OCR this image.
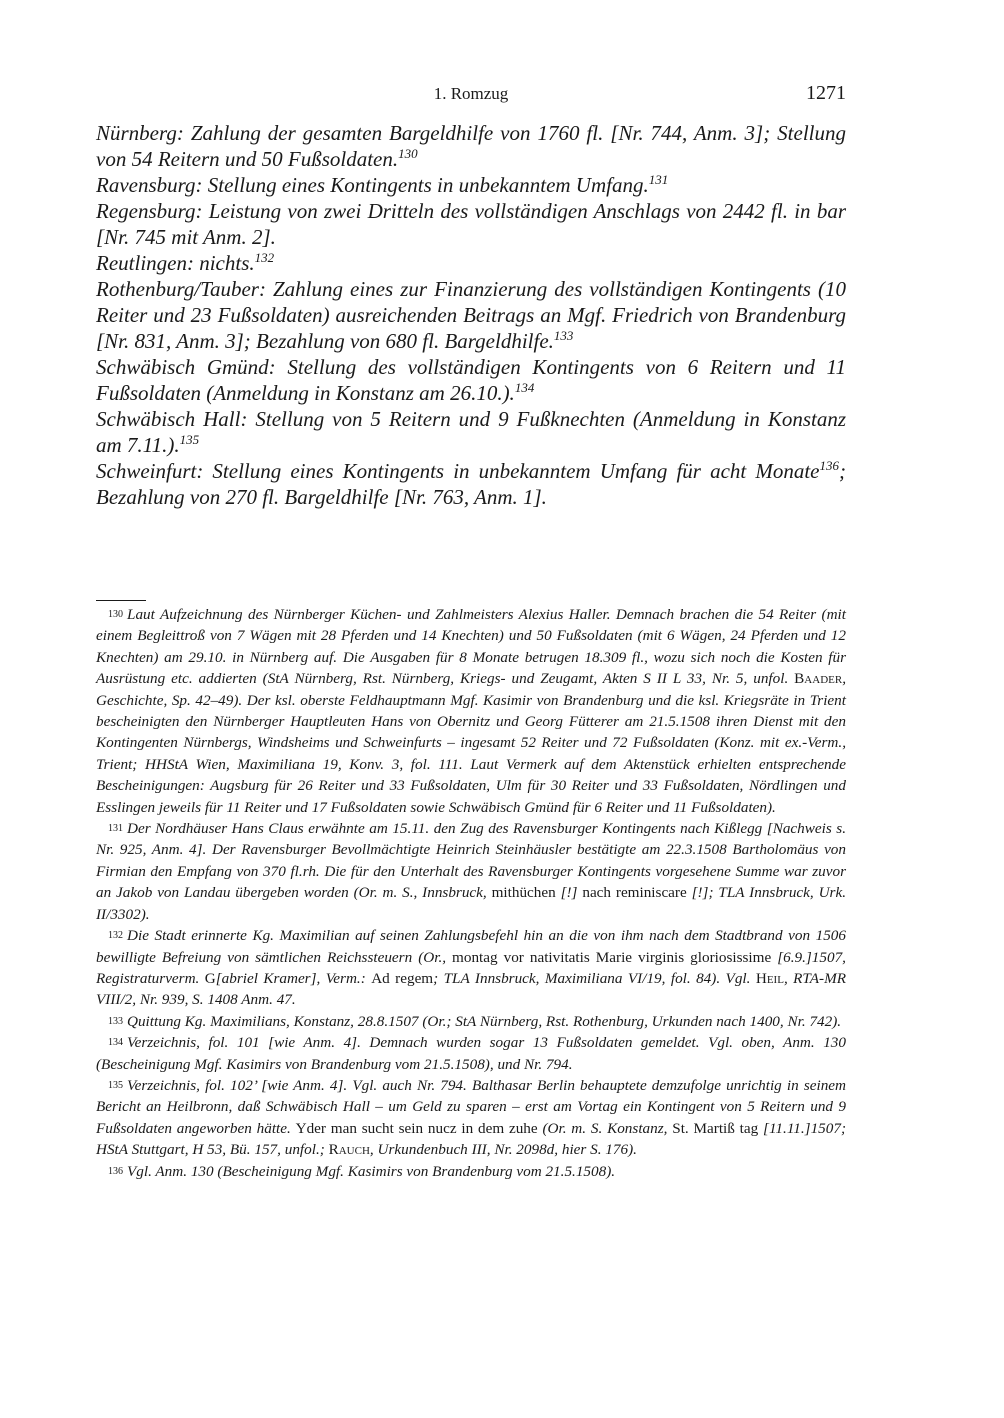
1. Romzug	1271

Nürnberg: Zahlung der gesamten Bargeldhilfe von 1760 fl. [Nr. 744, Anm. 3]; Stellung von 54 Reitern und 50 Fußsoldaten.$^{130}$

Ravensburg: Stellung eines Kontingents in unbekanntem Umfang.$^{131}$

Regensburg: Leistung von zwei Dritteln des vollständigen Anschlags von 2442 fl. in bar [Nr. 745 mit Anm. 2].

Reutlingen: nichts.$^{132}$

Rothenburg/Tauber: Zahlung eines zur Finanzierung des vollständigen Kontingents (10 Reiter und 23 Fußsoldaten) ausreichenden Beitrags an Mgf. Friedrich von Brandenburg [Nr. 831, Anm. 3]; Bezahlung von 680 fl. Bargeldhilfe.$^{133}$

Schwäbisch Gmünd: Stellung des vollständigen Kontingents von 6 Reitern und 11 Fußsoldaten (Anmeldung in Konstanz am 26.10.).$^{134}$

Schwäbisch Hall: Stellung von 5 Reitern und 9 Fußknechten (Anmeldung in Konstanz am 7.11.).$^{135}$

Schweinfurt: Stellung eines Kontingents in unbekanntem Umfang für acht Monate$^{136}$; Bezahlung von 270 fl. Bargeldhilfe [Nr. 763, Anm. 1].

130 Laut Aufzeichnung des Nürnberger Küchen- und Zahlmeisters Alexius Haller. Demnach brachen die 54 Reiter (mit einem Begleittroß von 7 Wägen mit 28 Pferden und 14 Knechten) und 50 Fußsoldaten (mit 6 Wägen, 24 Pferden und 12 Knechten) am 29.10. in Nürnberg auf. Die Ausgaben für 8 Monate betrugen 18.309 fl., wozu sich noch die Kosten für Ausrüstung etc. addierten (StA Nürnberg, Rst. Nürnberg, Kriegs- und Zeugamt, Akten S II L 33, Nr. 5, unfol. Baader, Geschichte, Sp. 42–49). Der ksl. oberste Feldhauptmann Mgf. Kasimir von Brandenburg und die ksl. Kriegsräte in Trient bescheinigten den Nürnberger Hauptleuten Hans von Obernitz und Georg Fütterer am 21.5.1508 ihren Dienst mit den Kontingenten Nürnbergs, Windsheims und Schweinfurts – ingesamt 52 Reiter und 72 Fußsoldaten (Konz. mit ex.-Verm., Trient; HHStA Wien, Maximiliana 19, Konv. 3, fol. 111. Laut Vermerk auf dem Aktenstück erhielten entsprechende Bescheinigungen: Augsburg für 26 Reiter und 33 Fußsoldaten, Ulm für 30 Reiter und 33 Fußsoldaten, Nördlingen und Esslingen jeweils für 11 Reiter und 17 Fußsoldaten sowie Schwäbisch Gmünd für 6 Reiter und 11 Fußsoldaten).

131 Der Nordhäuser Hans Claus erwähnte am 15.11. den Zug des Ravensburger Kontingents nach Kißlegg [Nachweis s. Nr. 925, Anm. 4]. Der Ravensburger Bevollmächtigte Heinrich Steinhäusler bestätigte am 22.3.1508 Bartholomäus von Firmian den Empfang von 370 fl.rh. Die für den Unterhalt des Ravensburger Kontingents vorgesehene Summe war zuvor an Jakob von Landau übergeben worden (Or. m. S., Innsbruck, mithüchen [!] nach reminiscare [!]; TLA Innsbruck, Urk. II/3302).

132 Die Stadt erinnerte Kg. Maximilian auf seinen Zahlungsbefehl hin an die von ihm nach dem Stadtbrand von 1506 bewilligte Befreiung von sämtlichen Reichssteuern (Or., montag vor nativitatis Marie virginis gloriosissime [6.9.]1507, Registraturverm. G[abriel Kramer], Verm.: Ad regem; TLA Innsbruck, Maximiliana VI/19, fol. 84). Vgl. Heil, RTA-MR VIII/2, Nr. 939, S. 1408 Anm. 47.

133 Quittung Kg. Maximilians, Konstanz, 28.8.1507 (Or.; StA Nürnberg, Rst. Rothenburg, Urkunden nach 1400, Nr. 742).

134 Verzeichnis, fol. 101 [wie Anm. 4]. Demnach wurden sogar 13 Fußsoldaten gemeldet. Vgl. oben, Anm. 130 (Bescheinigung Mgf. Kasimirs von Brandenburg vom 21.5.1508), und Nr. 794.

135 Verzeichnis, fol. 102’ [wie Anm. 4]. Vgl. auch Nr. 794. Balthasar Berlin behauptete demzufolge unrichtig in seinem Bericht an Heilbronn, daß Schwäbisch Hall – um Geld zu sparen – erst am Vortag ein Kontingent von 5 Reitern und 9 Fußsoldaten angeworben hätte. Yder man sucht sein nucz in dem zuhe (Or. m. S. Konstanz, St. Martiß tag [11.11.]1507; HStA Stuttgart, H 53, Bü. 157, unfol.; Rauch, Urkundenbuch III, Nr. 2098d, hier S. 176).

136 Vgl. Anm. 130 (Bescheinigung Mgf. Kasimirs von Brandenburg vom 21.5.1508).
